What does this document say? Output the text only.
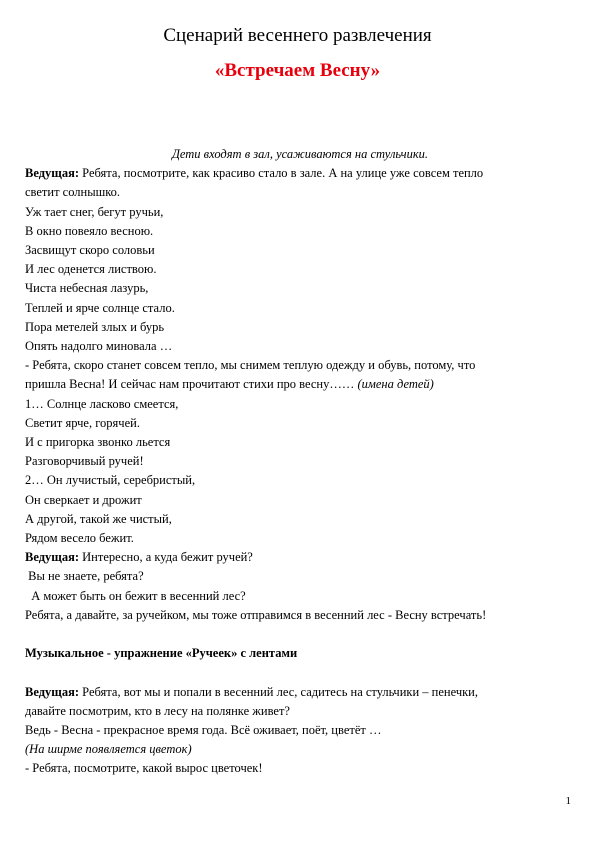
Сценарий весеннего развлечения
«Встречаем Весну»
Дети входят в зал, усаживаются на стульчики.
Ведущая: Ребята, посмотрите, как красиво стало в зале. А на улице уже совсем тепло
светит солнышко.
Уж тает снег, бегут ручьи,
В окно повеяло весною.
Засвищут скоро соловьи
И лес оденется листвою.
Чиста небесная лазурь,
Теплей и ярче солнце стало.
Пора метелей злых и бурь
Опять надолго миновала …
- Ребята, скоро станет совсем тепло, мы снимем теплую одежду и обувь, потому, что
пришла Весна! И сейчас нам прочитают стихи про весну…… (имена детей)
1… Солнце ласково смеется,
Светит ярче, горячей.
И с пригорка звонко льется
Разговорчивый ручей!
2… Он лучистый, серебристый,
Он сверкает и дрожит
А другой, такой же чистый,
Рядом весело бежит.
Ведущая: Интересно, а куда бежит ручей?
Вы не знаете, ребята?
А может быть он бежит в весенний лес?
Ребята, а давайте, за ручейком, мы тоже отправимся в весенний лес - Весну встречать!
Музыкальное - упражнение «Ручеек» с лентами
Ведущая: Ребята, вот мы и попали в весенний лес, садитесь на стульчики – пенечки,
давайте посмотрим, кто в лесу на полянке живет?
Ведь - Весна - прекрасное время года. Всё оживает, поёт, цветёт …
(На ширме появляется цветок)
- Ребята, посмотрите, какой вырос цветочек!
1
